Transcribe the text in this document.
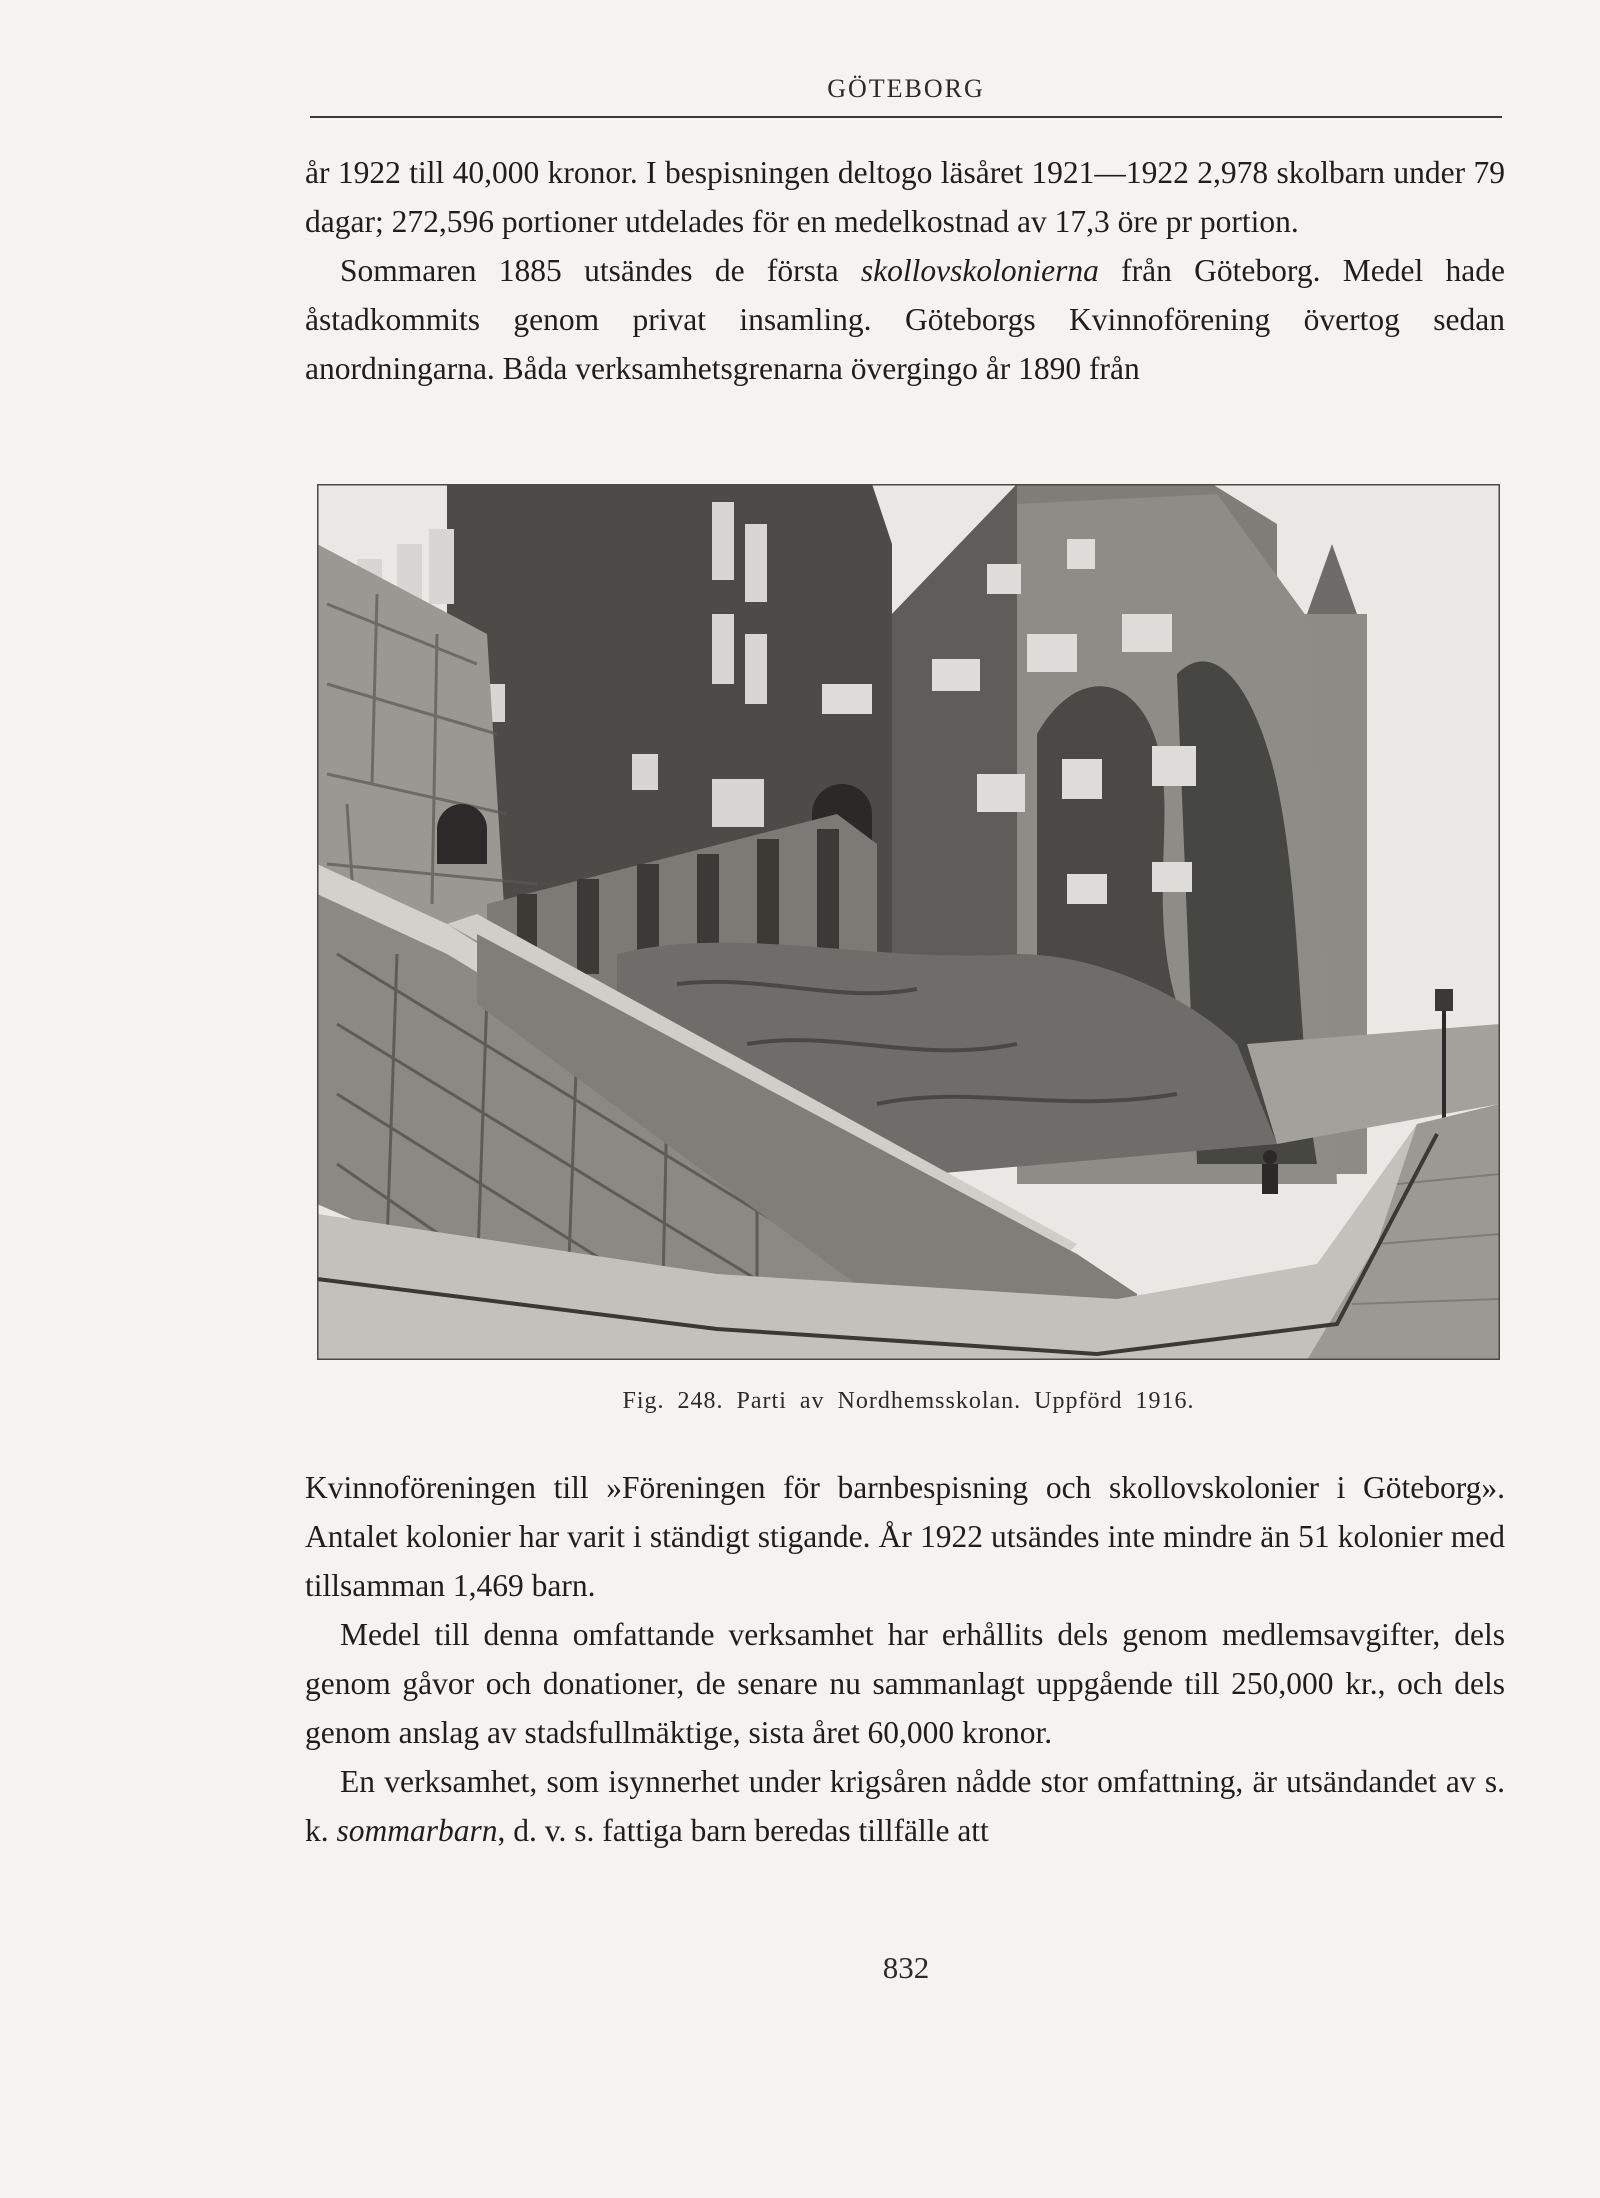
GÖTEBORG

år 1922 till 40,000 kronor. I bespisningen deltogo läsåret 1921—1922 2,978 skolbarn under 79 dagar; 272,596 portioner utdelades för en medelkostnad av 17,3 öre pr portion.

Sommaren 1885 utsändes de första skollovskolonierna från Göteborg. Medel hade åstadkommits genom privat insamling. Göteborgs Kvinnoförening övertog sedan anordningarna. Båda verksamhetsgrenarna övergingo år 1890 från

Fig. 248. Parti av Nordhemsskolan. Uppförd 1916.

Kvinnoföreningen till »Föreningen för barnbespisning och skollovskolonier i Göteborg». Antalet kolonier har varit i ständigt stigande. År 1922 utsändes inte mindre än 51 kolonier med tillsamman 1,469 barn.

Medel till denna omfattande verksamhet har erhållits dels genom medlemsavgifter, dels genom gåvor och donationer, de senare nu sammanlagt uppgående till 250,000 kr., och dels genom anslag av stadsfullmäktige, sista året 60,000 kronor.

En verksamhet, som isynnerhet under krigsåren nådde stor omfattning, är utsändandet av s. k. sommarbarn, d. v. s. fattiga barn beredas tillfälle att

832
